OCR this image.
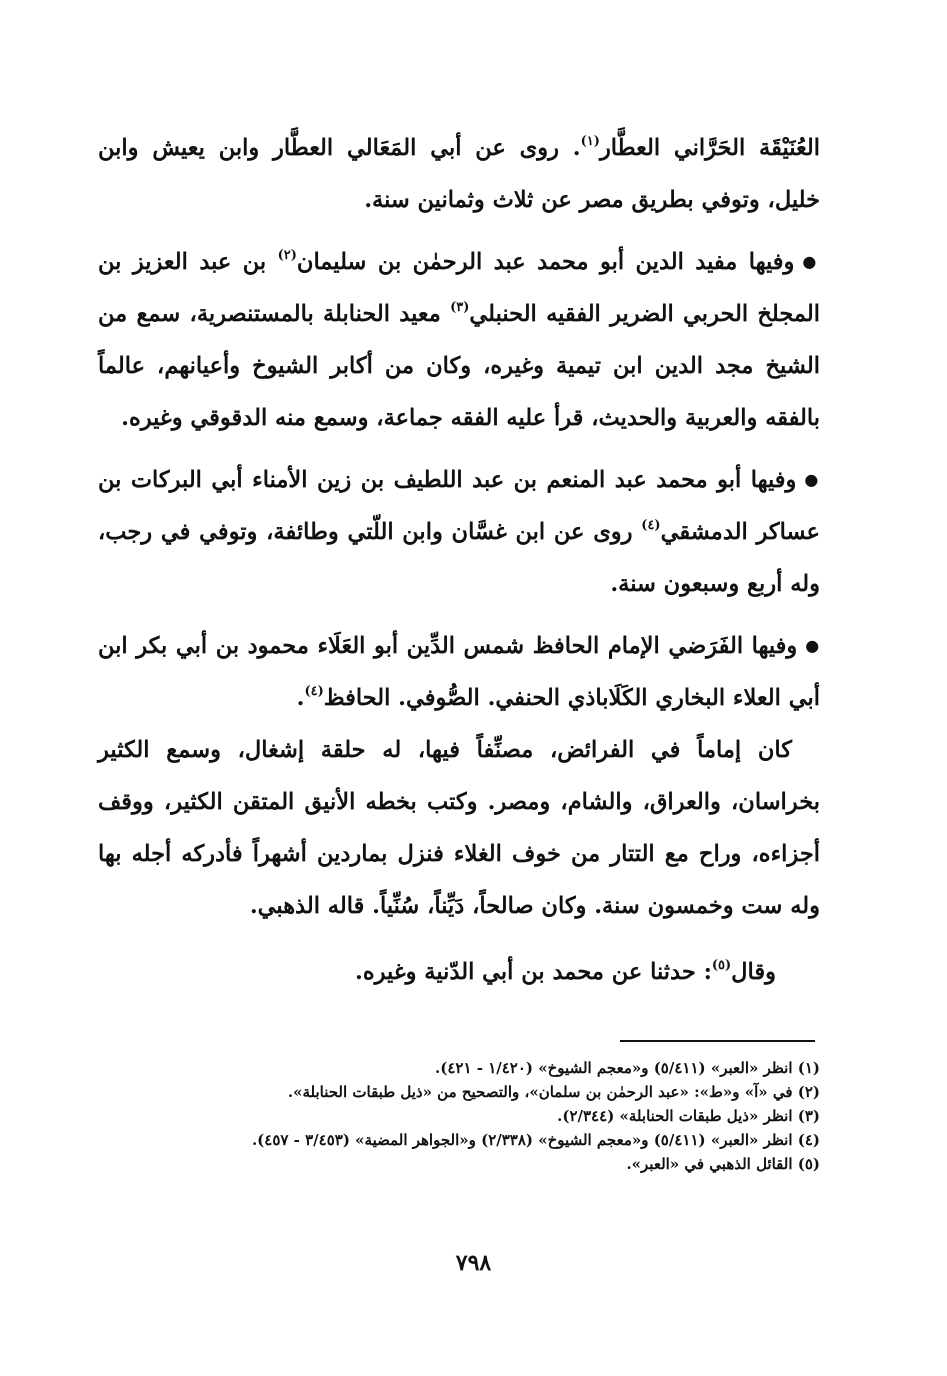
العُنَيْقَة الحَرَّاني العطَّار$^{(١)}$. روى عن أبي المَعَالي العطَّار وابن يعيش وابن خليل، وتوفي بطريق مصر عن ثلاث وثمانين سنة.

●وفيها مفيد الدين أبو محمد عبد الرحمٰن بن سليمان$^{(٢)}$ بن عبد العزيز بن المجلخ الحربي الضرير الفقيه الحنبلي$^{(٣)}$ معيد الحنابلة بالمستنصرية، سمع من الشيخ مجد الدين ابن تيمية وغيره، وكان من أكابر الشيوخ وأعيانهم، عالماً بالفقه والعربية والحديث، قرأ عليه الفقه جماعة، وسمع منه الدقوقي وغيره.

●وفيها أبو محمد عبد المنعم بن عبد اللطيف بن زين الأمناء أبي البركات بن عساكر الدمشقي$^{(٤)}$ روى عن ابن غسَّان وابن اللّتي وطائفة، وتوفي في رجب، وله أربع وسبعون سنة.

●وفيها الفَرَضي الإمام الحافظ شمس الدِّين أبو العَلَاء محمود بن أبي بكر ابن أبي العلاء البخاري الكَلَاباذي الحنفي. الصُّوفي. الحافظ$^{(٤)}$.

كان إماماً في الفرائض، مصنِّفاً فيها، له حلقة إشغال، وسمع الكثير بخراسان، والعراق، والشام، ومصر. وكتب بخطه الأنيق المتقن الكثير، ووقف أجزاءه، وراح مع التتار من خوف الغلاء فنزل بماردين أشهراً فأدركه أجله بها وله ست وخمسون سنة. وكان صالحاً، دَيِّناً، سُنِّياً. قاله الذهبي.

وقال$^{(٥)}$: حدثنا عن محمد بن أبي الدّنية وغيره.

(١) انظر «العبر» (٥/٤١١) و«معجم الشيوخ» (١/٤٢٠ - ٤٢١).
(٢) في «آ» و«ط»: «عبد الرحمٰن بن سلمان»، والتصحيح من «ذيل طبقات الحنابلة».
(٣) انظر «ذيل طبقات الحنابلة» (٢/٣٤٤).
(٤) انظر «العبر» (٥/٤١١) و«معجم الشيوخ» (٢/٣٣٨) و«الجواهر المضية» (٣/٤٥٣ - ٤٥٧).
(٥) القائل الذهبي في «العبر».
٧٩٨
